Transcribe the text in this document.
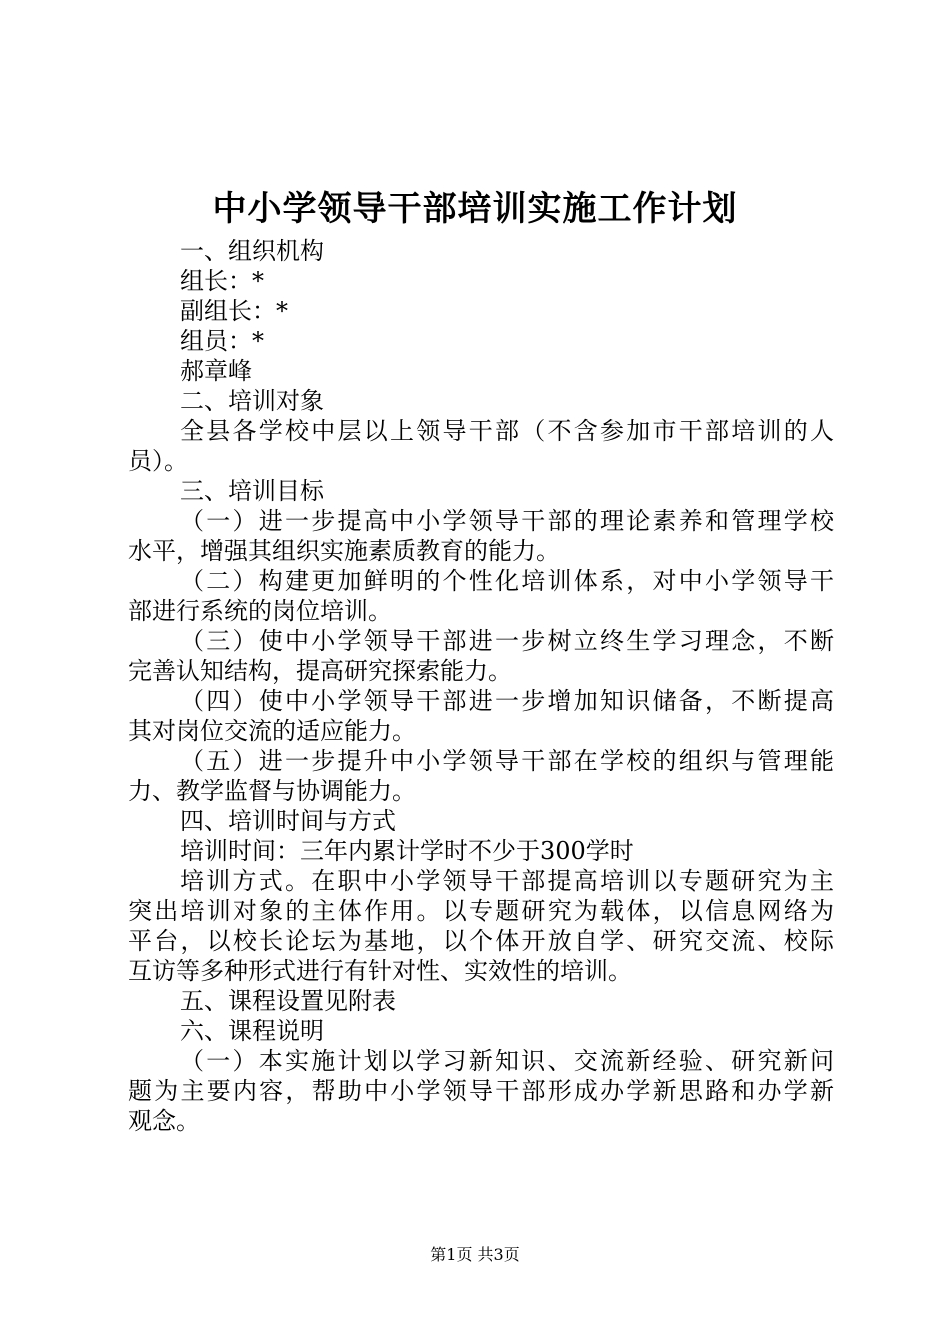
中小学领导干部培训实施工作计划
一、组织机构
组长：*
副组长：*
组员：*
郝章峰
二、培训对象
全县各学校中层以上领导干部（不含参加市干部培训的人
员）。
三、培训目标
（一）进一步提高中小学领导干部的理论素养和管理学校
水平，增强其组织实施素质教育的能力。
（二）构建更加鲜明的个性化培训体系，对中小学领导干
部进行系统的岗位培训。
（三）使中小学领导干部进一步树立终生学习理念，不断
完善认知结构，提高研究探索能力。
（四）使中小学领导干部进一步增加知识储备，不断提高
其对岗位交流的适应能力。
（五）进一步提升中小学领导干部在学校的组织与管理能
力、教学监督与协调能力。
四、培训时间与方式
培训时间：三年内累计学时不少于300学时
培训方式。在职中小学领导干部提高培训以专题研究为主
突出培训对象的主体作用。以专题研究为载体，以信息网络为
平台，以校长论坛为基地，以个体开放自学、研究交流、校际
互访等多种形式进行有针对性、实效性的培训。
五、课程设置见附表
六、课程说明
（一）本实施计划以学习新知识、交流新经验、研究新问
题为主要内容，帮助中小学领导干部形成办学新思路和办学新
观念。
第1页 共3页
